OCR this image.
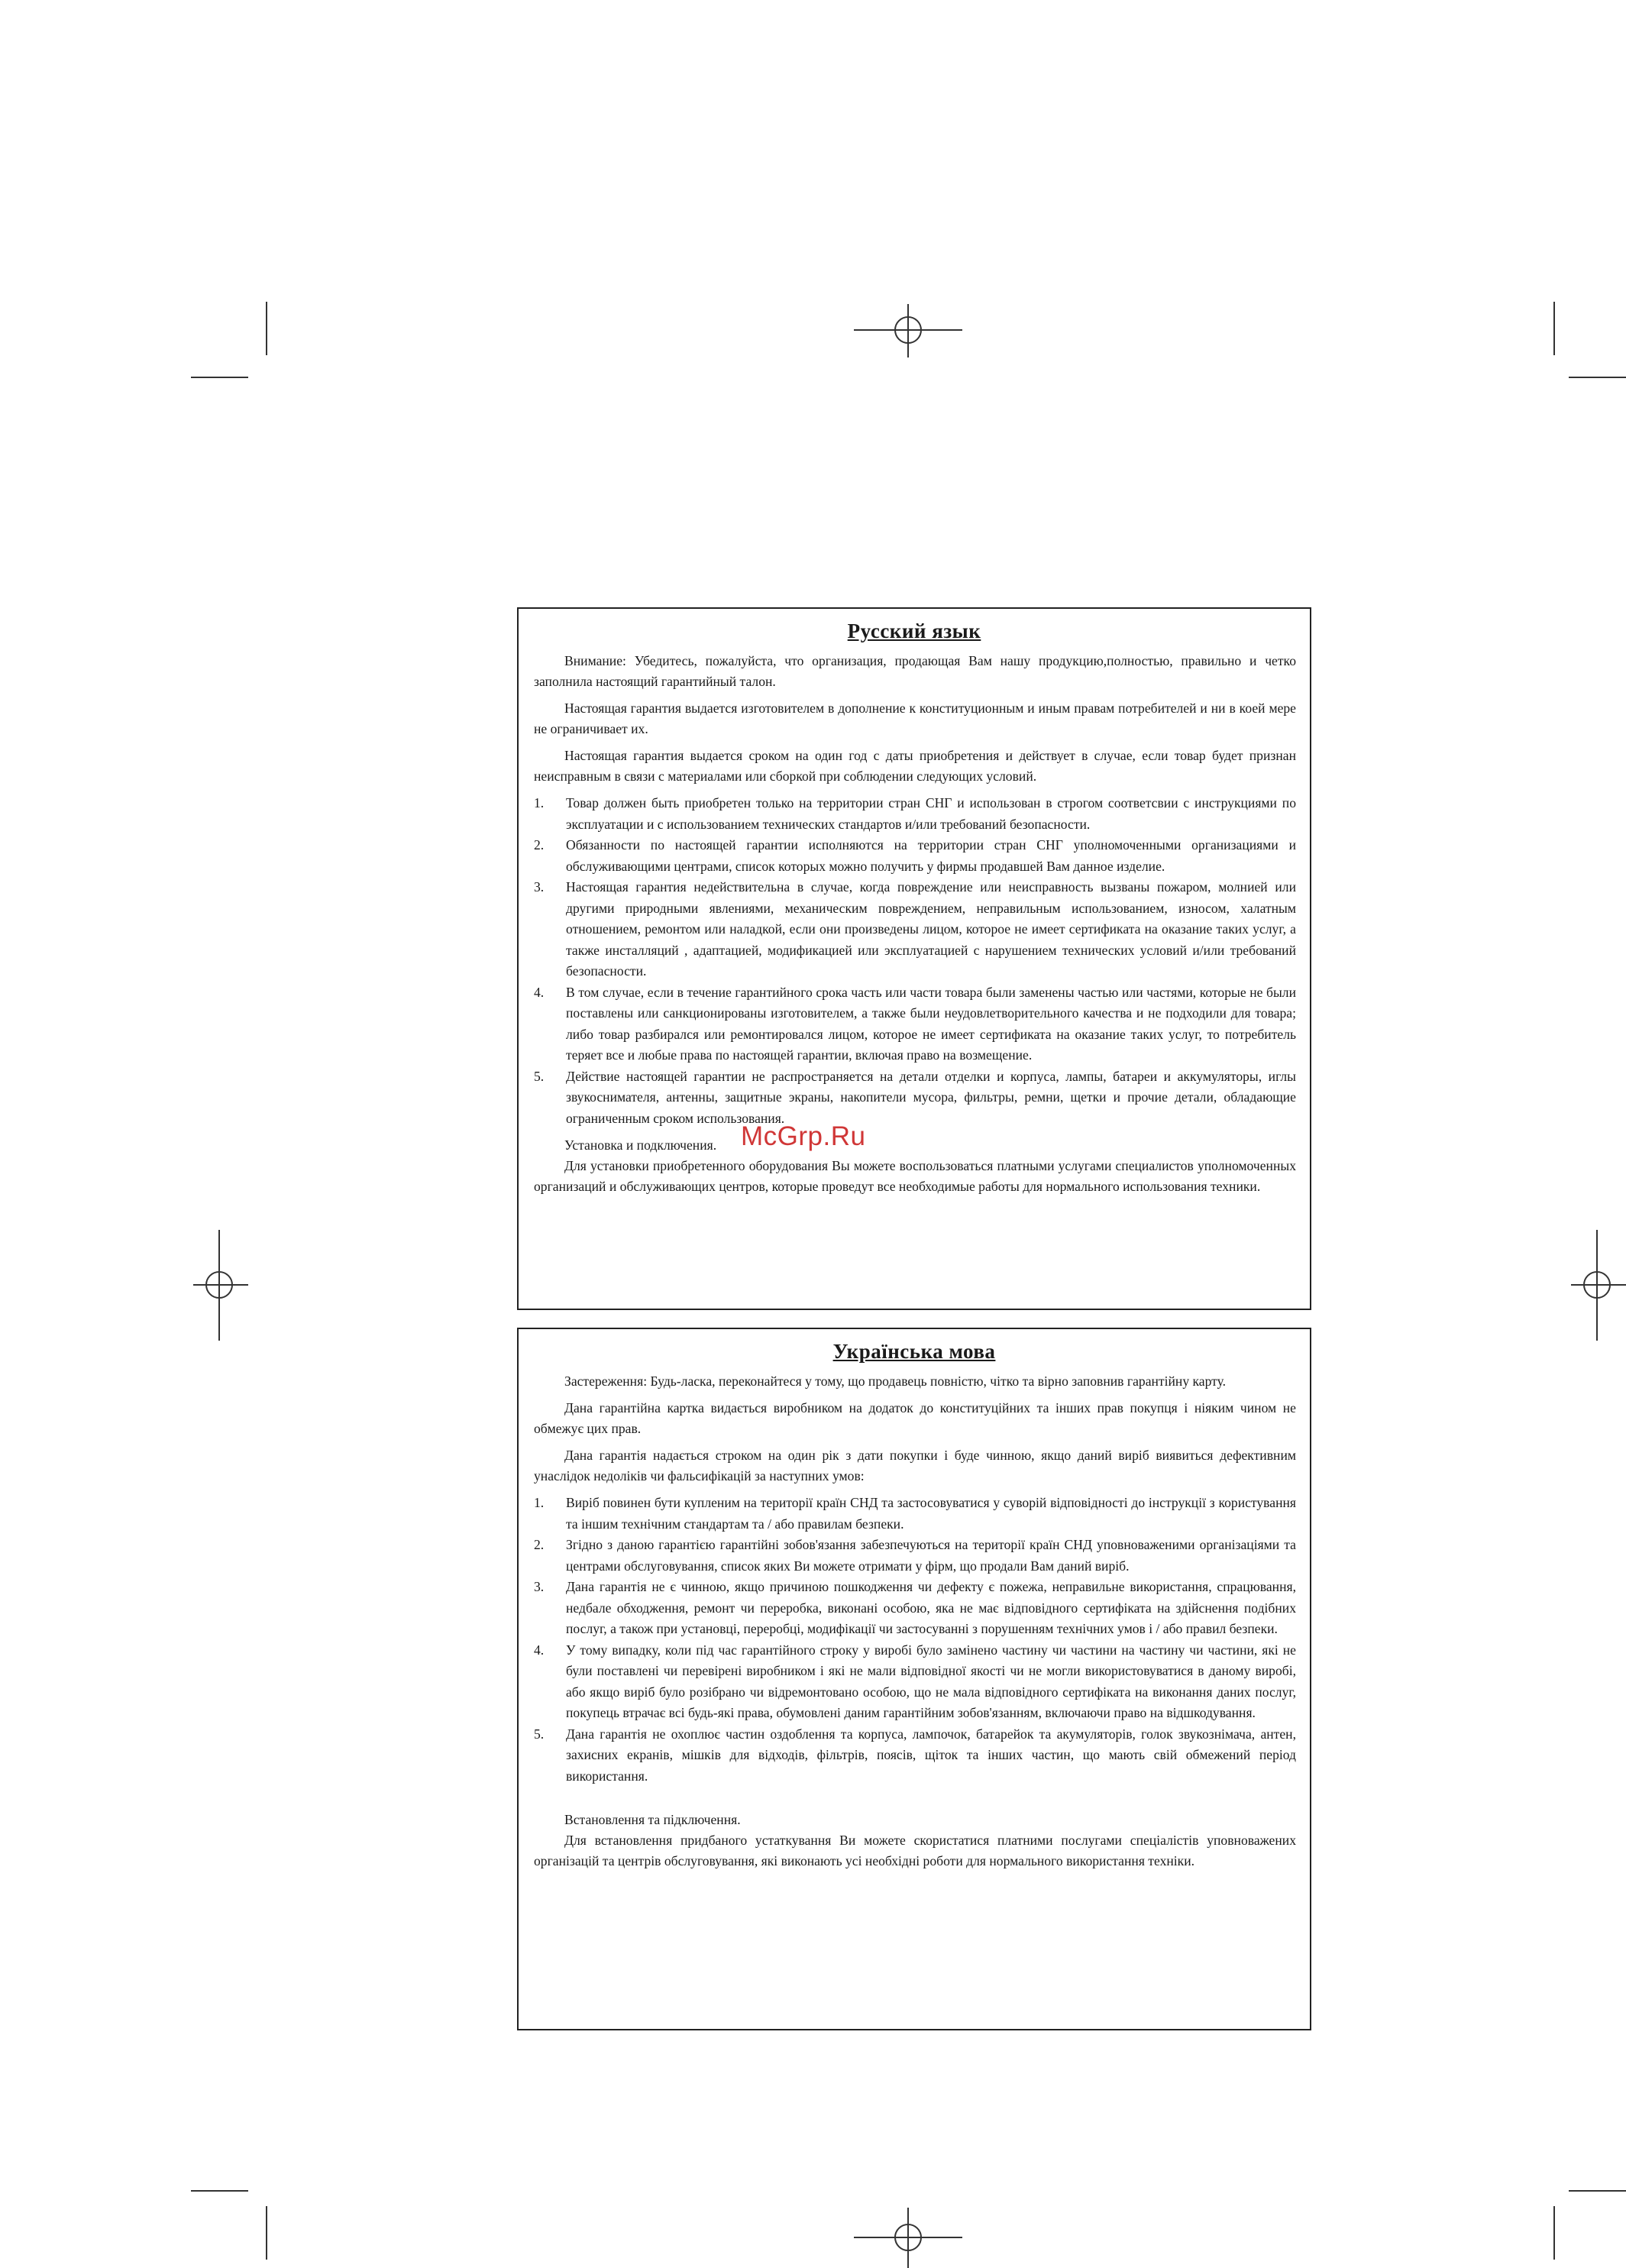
Русский язык

Внимание: Убедитесь, пожалуйста, что организация, продающая Вам нашу продукцию,полностью, правильно и четко заполнила настоящий гарантийный талон.

Настоящая гарантия выдается изготовителем в дополнение к конституционным и иным правам потребителей и ни в коей мере не ограничивает их.

Настоящая гарантия выдается сроком на один год с даты приобретения и действует в случае, если товар будет признан неисправным в связи с материалами или сборкой при соблюдении следующих условий.

1. Товар должен быть приобретен только на территории стран СНГ и использован в строгом соответсвии с инструкциями по эксплуатации и с использованием технических стандартов и/или требований безопасности.
2. Обязанности по настоящей гарантии исполняются на территории стран СНГ уполномоченными организациями и обслуживающими центрами, список которых можно получить у фирмы продавшей Вам данное изделие.
3. Настоящая гарантия недействительна в случае, когда повреждение или неисправность вызваны пожаром, молнией или другими природными явлениями, механическим повреждением, неправильным использованием, износом, халатным отношением, ремонтом или наладкой, если они произведены лицом, которое не имеет сертификата на оказание таких услуг, а также инсталляций , адаптацией, модификацией или эксплуатацией с нарушением технических условий и/или требований безопасности.
4. В том случае, если в течение гарантийного срока часть или части товара были заменены частью или частями, которые не были поставлены или санкционированы изготовителем, а также были неудовлетворительного качества и не подходили для товара; либо товар разбирался или ремонтировался лицом, которое не имеет сертификата на оказание таких услуг, то потребитель теряет все и любые права по настоящей гарантии, включая право на возмещение.
5. Действие настоящей гарантии не распространяется на детали отделки и корпуса, лампы, батареи и аккумуляторы, иглы звукоснимателя, антенны, защитные экраны, накопители мусора, фильтры, ремни, щетки и прочие детали, обладающие ограниченным сроком использования.

Установка и подключения.

Для установки приобретенного оборудования Вы можете воспользоваться платными услугами специалистов уполномоченных организаций и обслуживающих центров, которые проведут все необходимые работы для нормального использования техники.

Українська мова

Застереження: Будь-ласка, переконайтеся у тому, що продавець повністю, чітко та вірно заповнив гарантійну карту.

Дана гарантійна картка видається виробником на додаток до конституційних та інших прав покупця і ніяким чином не обмежує цих прав.

Дана гарантія надається строком на один рік з дати покупки і буде чинною, якщо даний виріб виявиться дефективним унаслідок недоліків чи фальсифікацій за наступних умов:

1. Виріб повинен бути купленим на території країн СНД та застосовуватися у суворій відповідності до інструкції з користування та іншим технічним стандартам та / або правилам безпеки.
2. Згідно з даною гарантією гарантійні зобов'язання забезпечуються на території країн СНД уповноваженими організаціями та центрами обслуговування, список яких Ви можете отримати у фірм, що продали Вам даний виріб.
3. Дана гарантія не є чинною, якщо причиною пошкодження чи дефекту є пожежа, неправильне використання, спрацювання, недбале обходження, ремонт чи переробка, виконані особою, яка не має відповідного сертифіката на здійснення подібних послуг, а також при установці, переробці, модифікації чи застосуванні з порушенням технічних умов і / або правил безпеки.
4. У тому випадку, коли під час гарантійного строку у виробі було замінено частину чи частини на частину чи частини, які не були поставлені чи перевірені виробником і які не мали відповідної якості чи не могли використовуватися в даному виробі, або якщо виріб було розібрано чи відремонтовано особою, що не мала відповідного сертифіката на виконання даних послуг, покупець втрачає всі будь-які права, обумовлені даним гарантійним зобов'язанням, включаючи право на відшкодування.
5. Дана гарантія не охоплює частин оздоблення та корпуса, лампочок, батарейок та акумуляторів, голок звукознімача, антен, захисних екранів, мішків для відходів, фільтрів, поясів, щіток та інших частин, що мають свій обмежений період використання.

Встановлення та підключення.

Для встановлення придбаного устаткування Ви можете скористатися платними послугами спеціалістів уповноважених організацій та центрів обслуговування, які виконають усі необхідні роботи для нормального використання техніки.

McGrp.Ru
